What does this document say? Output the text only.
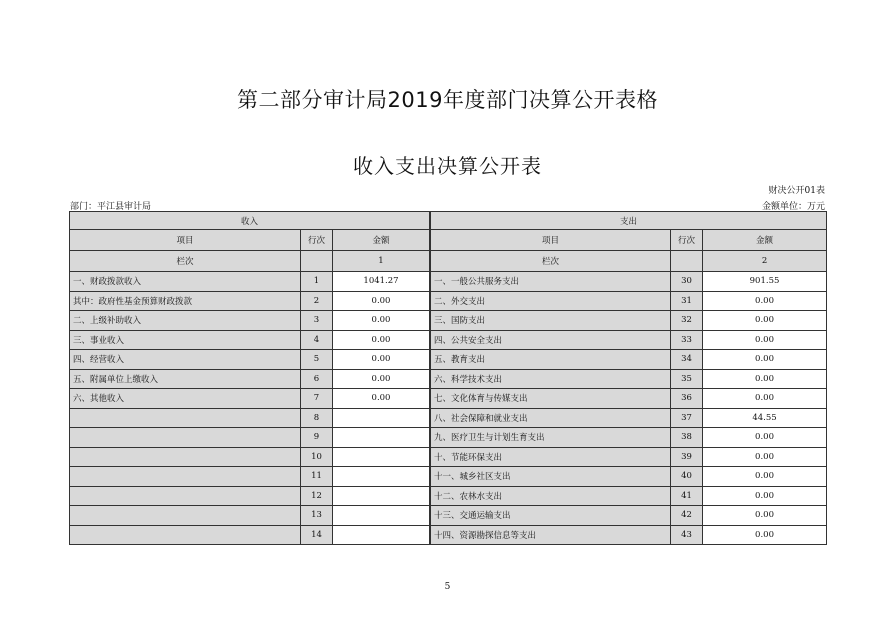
第二部分审计局2019年度部门决算公开表格
收入支出决算公开表
财决公开01表
部门：平江县审计局	金额单位：万元
收入			支出		
项目	行次	金额		项目	行次	金额
栏次		1		栏次		2
一、财政拨款收入	1	1041.27		一、一般公共服务支出	30	901.55
其中：政府性基金预算财政拨款	2	0.00		二、外交支出	31	0.00
二、上级补助收入	3	0.00		三、国防支出	32	0.00
三、事业收入	4	0.00		四、公共安全支出	33	0.00
四、经营收入	5	0.00		五、教育支出	34	0.00
五、附属单位上缴收入	6	0.00		六、科学技术支出	35	0.00
六、其他收入	7	0.00		七、文化体育与传媒支出	36	0.00
	8			八、社会保障和就业支出	37	44.55
	9			九、医疗卫生与计划生育支出	38	0.00
	10			十、节能环保支出	39	0.00
	11			十一、城乡社区支出	40	0.00
	12			十二、农林水支出	41	0.00
	13			十三、交通运输支出	42	0.00
	14			十四、资源勘探信息等支出	43	0.00
5
